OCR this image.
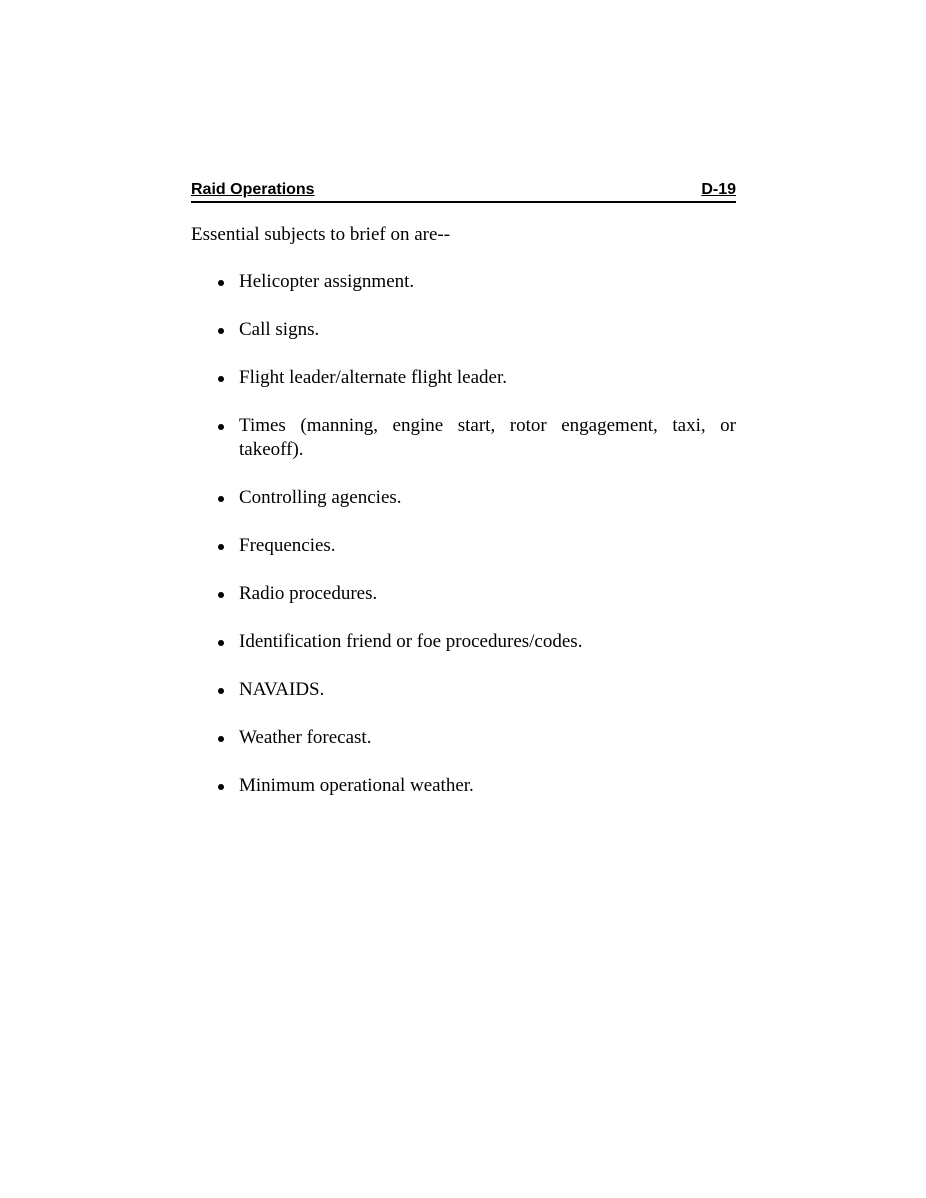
Raid Operations	D-19
Essential subjects to brief on are--
Helicopter assignment.
Call signs.
Flight leader/alternate flight leader.
Times (manning, engine start, rotor engagement, taxi, or takeoff).
Controlling agencies.
Frequencies.
Radio procedures.
Identification friend or foe procedures/codes.
NAVAIDS.
Weather forecast.
Minimum operational weather.
